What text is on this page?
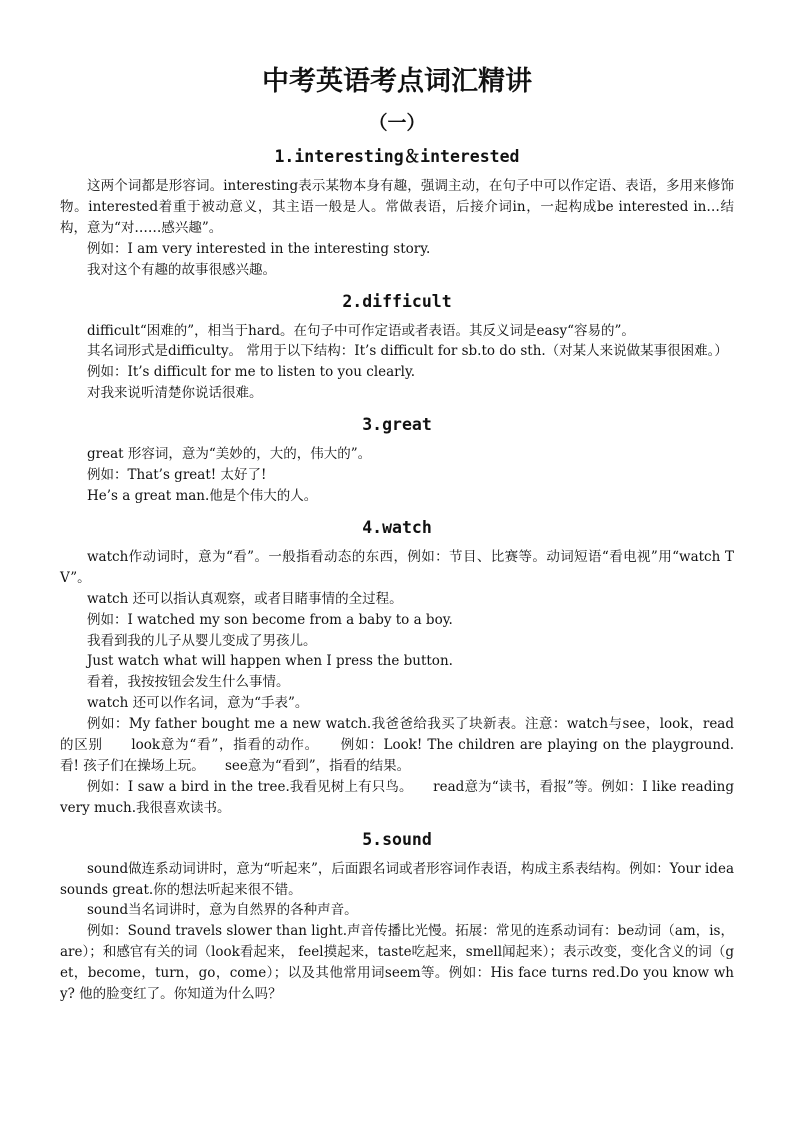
中考英语考点词汇精讲
（一）
1.interesting＆interested

这两个词都是形容词。interesting表示某物本身有趣，强调主动，在句子中可以作定语、表语，多用来修饰物。interested着重于被动意义，其主语一般是人。常做表语，后接介词in，一起构成be interested in…结构，意为“对……感兴趣”。

例如：I am very interested in the interesting story.

我对这个有趣的故事很感兴趣。

2.difficult

difficult“困难的”，相当于hard。在句子中可作定语或者表语。其反义词是easy“容易的”。

其名词形式是difficulty。 常用于以下结构：It’s difficult for sb.to do sth.（对某人来说做某事很困难。）

例如：It’s difficult for me to listen to you clearly.

对我来说听清楚你说话很难。

3.great

great 形容词，意为“美妙的，大的，伟大的”。

例如：That’s great! 太好了!

He’s a great man.他是个伟大的人。

4.watch

watch作动词时，意为“看”。一般指看动态的东西，例如：节目、比赛等。动词短语“看电视”用“watch TV”。

watch 还可以指认真观察，或者目睹事情的全过程。

例如：I watched my son become from a baby to a boy.

我看到我的儿子从婴儿变成了男孩儿。

Just watch what will happen when I press the button.

看着，我按按钮会发生什么事情。

watch 还可以作名词，意为“手表”。

例如：My father bought me a new watch.我爸爸给我买了块新表。注意：watch与see，look，read的区别　　look意为“看”，指看的动作。　　例如：Look! The children are playing on the playground. 看! 孩子们在操场上玩。　　see意为“看到”，指看的结果。

例如：I saw a bird in the tree.我看见树上有只鸟。　　read意为“读书，看报”等。例如：I like reading very much.我很喜欢读书。

5.sound

sound做连系动词讲时，意为“听起来”，后面跟名词或者形容词作表语，构成主系表结构。例如：Your idea sounds great.你的想法听起来很不错。

sound当名词讲时，意为自然界的各种声音。

例如：Sound travels slower than light.声音传播比光慢。拓展：常见的连系动词有：be动词（am，is，are）；和感官有关的词（look看起来， feel摸起来，taste吃起来，smell闻起来）；表示改变，变化含义的词（get，become，turn，go，come）；以及其他常用词seem等。例如：His face turns red.Do you know why? 他的脸变红了。你知道为什么吗？
